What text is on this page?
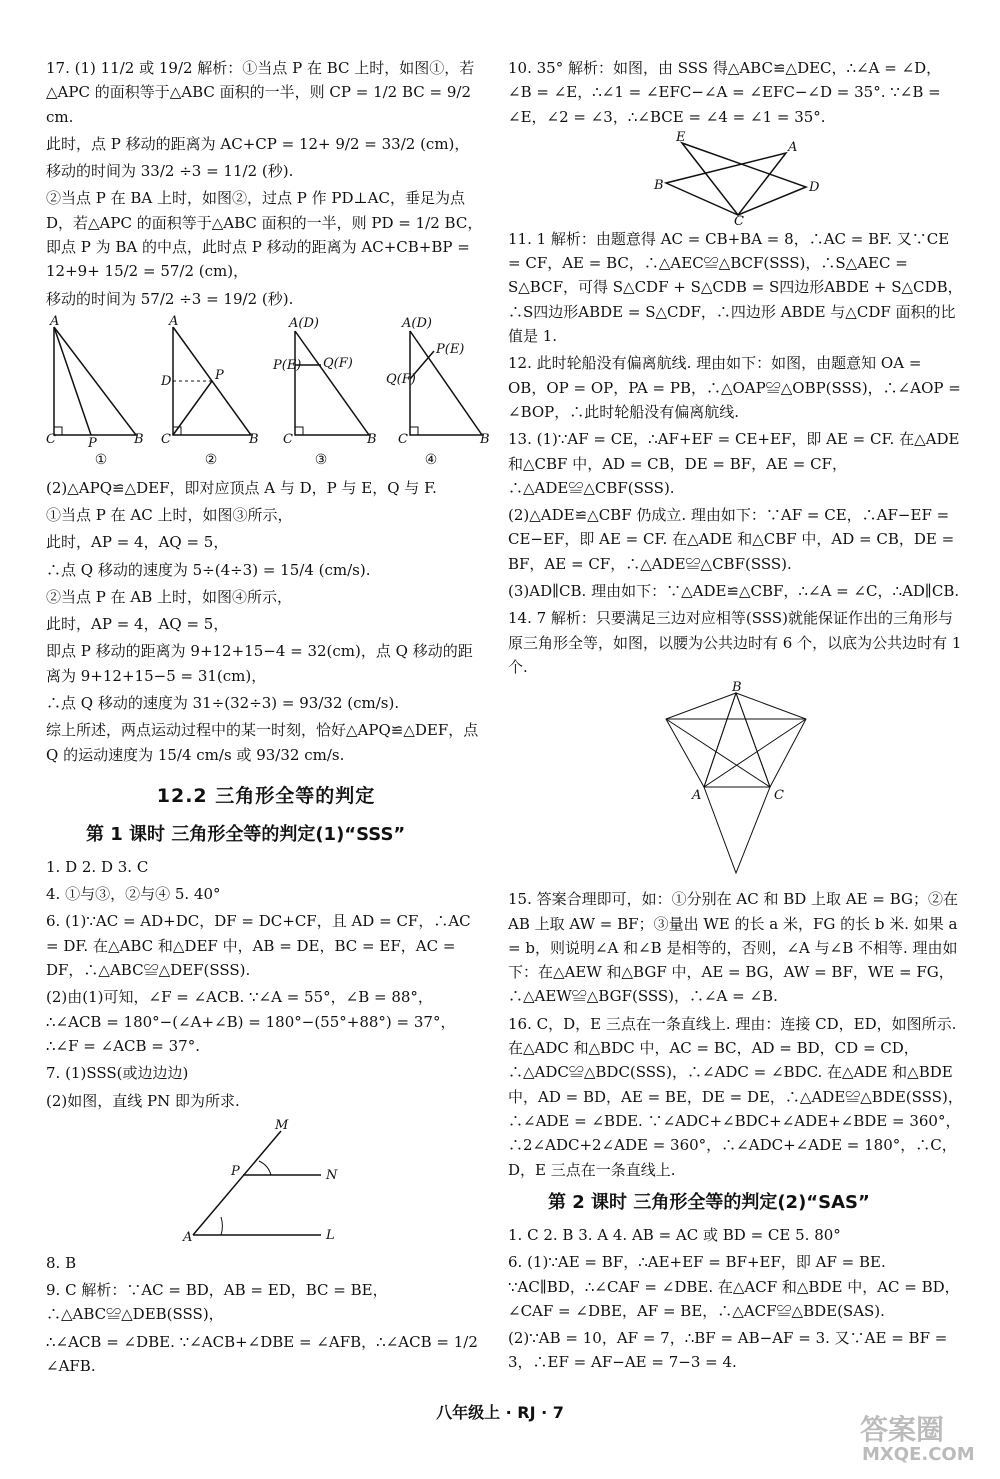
17. (1) 11/2 或 19/2 解析：①当点 P 在 BC 上时，如图①，若△APC 的面积等于△ABC 面积的一半，则 CP = 1/2 BC = 9/2 cm.
此时，点 P 移动的距离为 AC+CP = 12+ 9/2 = 33/2 (cm)，
移动的时间为 33/2 ÷3 = 11/2 (秒).
②当点 P 在 BA 上时，如图②，过点 P 作 PD⊥AC，垂足为点 D，若△APC 的面积等于△ABC 面积的一半，则 PD = 1/2 BC，即点 P 为 BA 的中点，此时点 P 移动的距离为 AC+CB+BP = 12+9+ 15/2 = 57/2 (cm)，
移动的时间为 57/2 ÷3 = 19/2 (秒).
A
C	B
P
A
D	P
C	B
A(D)
P(E) Q(F)
C	B
A(D)
P(E)
Q(F)
C	B
①	②	③	④
(2)△APQ≌△DEF，即对应顶点 A 与 D，P 与 E，Q 与 F.
①当点 P 在 AC 上时，如图③所示，
此时，AP = 4，AQ = 5，
∴点 Q 移动的速度为 5÷(4÷3) = 15/4 (cm/s).
②当点 P 在 AB 上时，如图④所示，
此时，AP = 4，AQ = 5，
即点 P 移动的距离为 9+12+15−4 = 32(cm)，点 Q 移动的距离为 9+12+15−5 = 31(cm)，
∴点 Q 移动的速度为 31÷(32÷3) = 93/32 (cm/s).
综上所述，两点运动过程中的某一时刻，恰好△APQ≌△DEF，点 Q 的运动速度为 15/4 cm/s 或 93/32 cm/s.
12.2 三角形全等的判定
第 1 课时 三角形全等的判定(1)“SSS”
1. D 2. D 3. C
4. ①与③，②与④ 5. 40°
6. (1)∵AC = AD+DC，DF = DC+CF，且 AD = CF，∴AC = DF. 在△ABC 和△DEF 中，AB = DE，BC = EF，AC = DF，∴△ABC≌△DEF(SSS).
(2)由(1)可知，∠F = ∠ACB. ∵∠A = 55°，∠B = 88°，∴∠ACB = 180°−(∠A+∠B) = 180°−(55°+88°) = 37°，∴∠F = ∠ACB = 37°.
7. (1)SSS(或边边边)
(2)如图，直线 PN 即为所求.
A	L
P	N
M
8. B
9. C 解析：∵AC = BD，AB = ED，BC = BE，∴△ABC≌△DEB(SSS)，
∴∠ACB = ∠DBE. ∵∠ACB+∠DBE = ∠AFB，∴∠ACB = 1/2 ∠AFB.
10. 35° 解析：如图，由 SSS 得△ABC≌△DEC，∴∠A = ∠D，∠B = ∠E，∴∠1 = ∠EFC−∠A = ∠EFC−∠D = 35°. ∵∠B = ∠E，∠2 = ∠3，∴∠BCE = ∠4 = ∠1 = 35°.
B
E
C
D
A
11. 1 解析：由题意得 AC = CB+BA = 8，∴AC = BF. 又∵CE = CF，AE = BC，∴△AEC≌△BCF(SSS)，∴S△AEC = S△BCF，可得 S△CDF + S△CDB = S四边形ABDE + S△CDB，∴S四边形ABDE = S△CDF，∴四边形 ABDE 与△CDF 面积的比值是 1.
12. 此时轮船没有偏离航线. 理由如下：如图，由题意知 OA = OB，OP = OP，PA = PB，∴△OAP≌△OBP(SSS)，∴∠AOP = ∠BOP，∴此时轮船没有偏离航线.
13. (1)∵AF = CE，∴AF+EF = CE+EF，即 AE = CF. 在△ADE 和△CBF 中，AD = CB，DE = BF，AE = CF，∴△ADE≌△CBF(SSS).
(2)△ADE≌△CBF 仍成立. 理由如下：∵AF = CE，∴AF−EF = CE−EF，即 AE = CF. 在△ADE 和△CBF 中，AD = CB，DE = BF，AE = CF，∴△ADE≌△CBF(SSS).
(3)AD∥CB. 理由如下：∵△ADE≌△CBF，∴∠A = ∠C，∴AD∥CB.
14. 7 解析：只要满足三边对应相等(SSS)就能保证作出的三角形与原三角形全等，如图，以腰为公共边时有 6 个，以底为公共边时有 1 个.
B
A	C
15. 答案合理即可，如：①分别在 AC 和 BD 上取 AE = BG；②在 AB 上取 AW = BF；③量出 WE 的长 a 米，FG 的长 b 米. 如果 a = b，则说明∠A 和∠B 是相等的，否则，∠A 与∠B 不相等. 理由如下：在△AEW 和△BGF 中，AE = BG，AW = BF，WE = FG，∴△AEW≌△BGF(SSS)，∴∠A = ∠B.
16. C，D，E 三点在一条直线上. 理由：连接 CD，ED，如图所示. 在△ADC 和△BDC 中，AC = BC，AD = BD，CD = CD，∴△ADC≌△BDC(SSS)，∴∠ADC = ∠BDC. 在△ADE 和△BDE 中，AD = BD，AE = BE，DE = DE，∴△ADE≌△BDE(SSS)，∴∠ADE = ∠BDE. ∵∠ADC+∠BDC+∠ADE+∠BDE = 360°，∴2∠ADC+2∠ADE = 360°，∴∠ADC+∠ADE = 180°，∴C，D，E 三点在一条直线上.
第 2 课时 三角形全等的判定(2)“SAS”
1. C 2. B 3. A 4. AB = AC 或 BD = CE 5. 80°
6. (1)∵AE = BF，∴AE+EF = BF+EF，即 AF = BE. ∵AC∥BD，∴∠CAF = ∠DBE. 在△ACF 和△BDE 中，AC = BD，∠CAF = ∠DBE，AF = BE，∴△ACF≌△BDE(SAS).
(2)∵AB = 10，AF = 7，∴BF = AB−AF = 3. 又∵AE = BF = 3，∴EF = AF−AE = 7−3 = 4.
八年级上 · RJ · 7
答案圈
MXQE.COM
